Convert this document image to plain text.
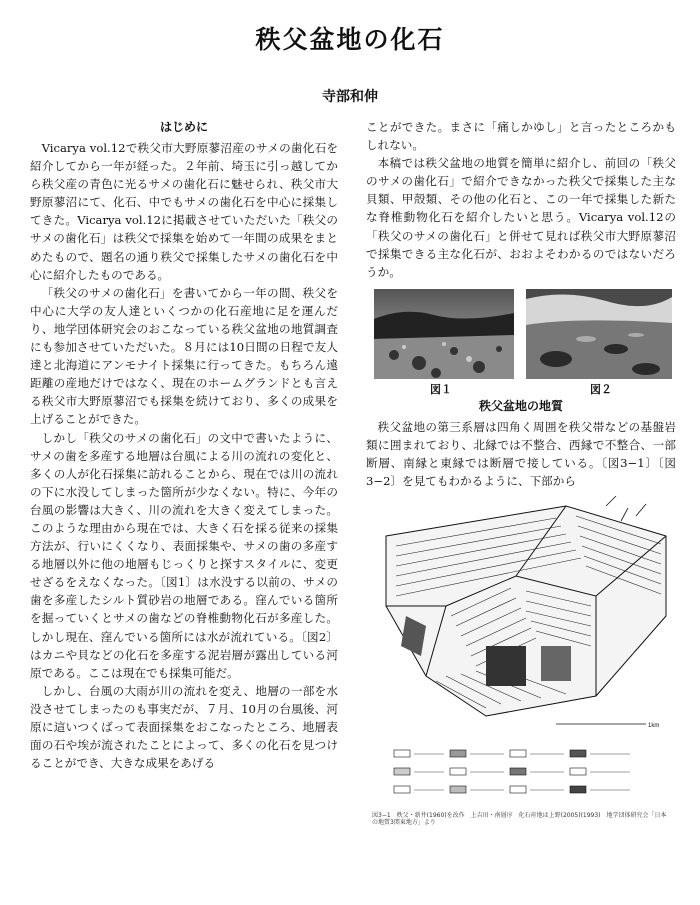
秩父盆地の化石
寺部和伸
はじめに

Vicarya vol.12で秩父市大野原蓼沼産のサメの歯化石を紹介してから一年が経った。２年前、埼玉に引っ越してから秩父産の青色に光るサメの歯化石に魅せられ、秩父市大野原蓼沼にて、化石、中でもサメの歯化石を中心に採集してきた。Vicarya vol.12に掲載させていただいた「秩父のサメの歯化石」は秩父で採集を始めて一年間の成果をまとめたもので、題名の通り秩父で採集したサメの歯化石を中心に紹介したものである。

「秩父のサメの歯化石」を書いてから一年の間、秩父を中心に大学の友人達といくつかの化石産地に足を運んだり、地学団体研究会のおこなっている秩父盆地の地質調査にも参加させていただいた。８月には10日間の日程で友人達と北海道にアンモナイト採集に行ってきた。もちろん遠距離の産地だけではなく、現在のホームグランドとも言える秩父市大野原蓼沼でも採集を続けており、多くの成果を上げることができた。

しかし「秩父のサメの歯化石」の文中で書いたように、サメの歯を多産する地層は台風による川の流れの変化と、多くの人が化石採集に訪れることから、現在では川の流れの下に水没してしまった箇所が少なくない。特に、今年の台風の影響は大きく、川の流れを大きく変えてしまった。このような理由から現在では、大きく石を採る従来の採集方法が、行いにくくなり、表面採集や、サメの歯の多産する地層以外に他の地層もじっくりと探すスタイルに、変更せざるをえなくなった。〔図1〕は水没する以前の、サメの歯を多産したシルト質砂岩の地層である。窪んでいる箇所を掘っていくとサメの歯などの脊椎動物化石が多産した。しかし現在、窪んでいる箇所には水が流れている。〔図2〕はカニや貝などの化石を多産する泥岩層が露出している河原である。ここは現在でも採集可能だ。

しかし、台風の大雨が川の流れを変え、地層の一部を水没させてしまったのも事実だが、７月、10月の台風後、河原に這いつくばって表面採集をおこなったところ、地層表面の石や埃が流されたことによって、多くの化石を見つけることができ、大きな成果をあげる

ことができた。まさに「痛しかゆし」と言ったところかもしれない。

本稿では秩父盆地の地質を簡単に紹介し、前回の「秩父のサメの歯化石」で紹介できなかった秩父で採集した主な貝類、甲殻類、その他の化石と、この一年で採集した新たな脊椎動物化石を紹介したいと思う。Vicarya vol.12の「秩父のサメの歯化石」と併せて見れば秩父市大野原蓼沼で採集できる主な化石が、おおよそわかるのではないだろうか。

図１	図２
秩父盆地の地質

秩父盆地の第三系層は四角く周囲を秩父帯などの基盤岩類に囲まれており、北縁では不整合、西縁で不整合、一部断層、南縁と東縁では断層で接している。〔図3−1〕〔図3−2〕を見てもわかるように、下部から

1km
図3−1　秩父・新井(1960)を改作　上吉田・南層序　化石産地は上野(2005)(1993)　地学団体研究会「日本の地質3関東地方」より
